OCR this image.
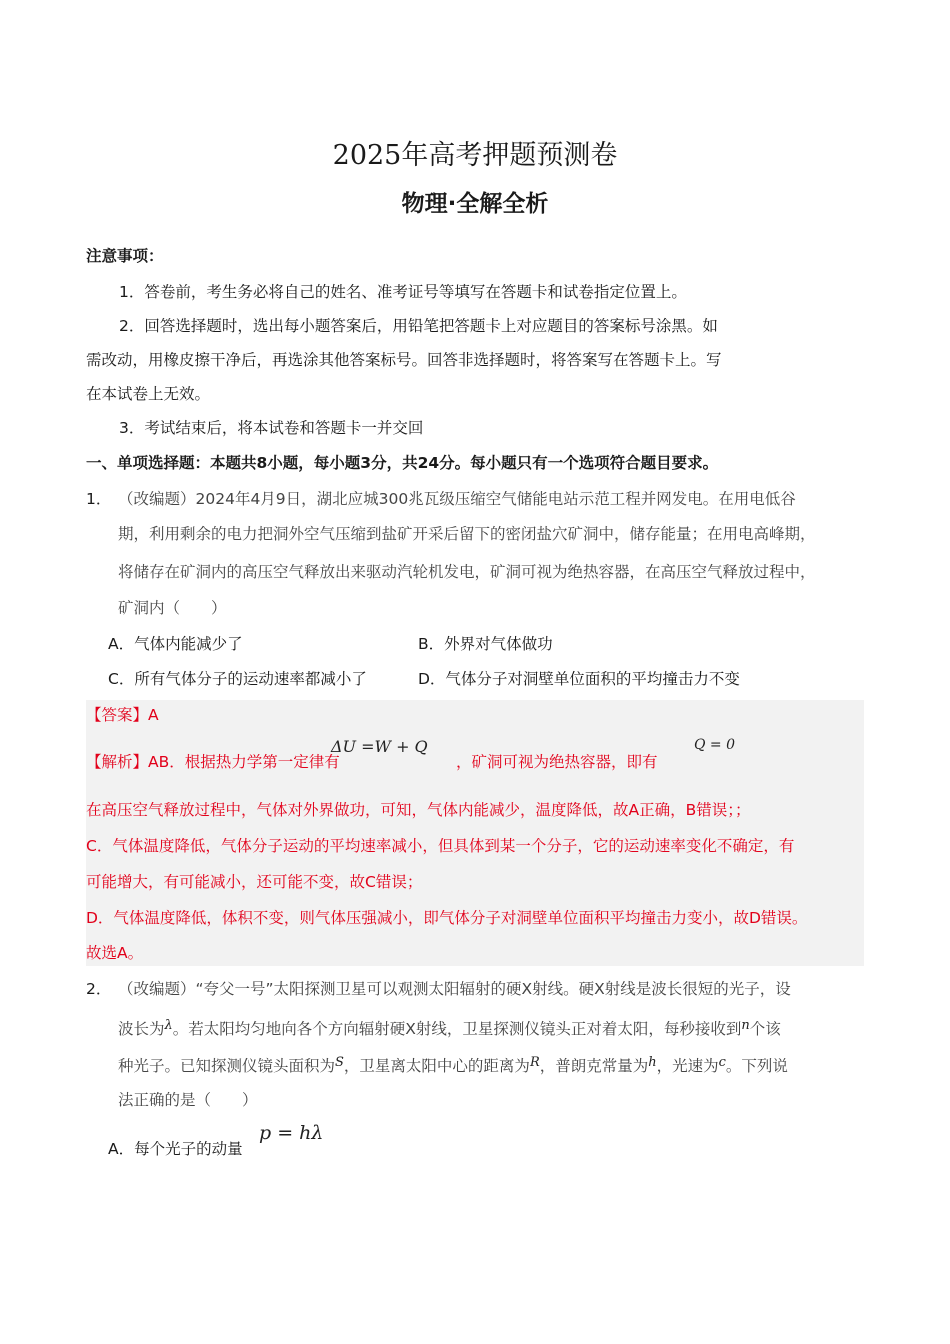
2025年高考押题预测卷
物理·全解全析
注意事项：
1．答卷前，考生务必将自己的姓名、准考证号等填写在答题卡和试卷指定位置上。
2．回答选择题时，选出每小题答案后，用铅笔把答题卡上对应题目的答案标号涂黑。如
需改动，用橡皮擦干净后，再选涂其他答案标号。回答非选择题时，将答案写在答题卡上。写
在本试卷上无效。
3．考试结束后，将本试卷和答题卡一并交回
一、单项选择题：本题共8小题，每小题3分，共24分。每小题只有一个选项符合题目要求。
1． （改编题）2024年4月9日，湖北应城300兆瓦级压缩空气储能电站示范工程并网发电。在用电低谷
期，利用剩余的电力把洞外空气压缩到盐矿开采后留下的密闭盐穴矿洞中，储存能量；在用电高峰期，
将储存在矿洞内的高压空气释放出来驱动汽轮机发电，矿洞可视为绝热容器，在高压空气释放过程中，
矿洞内（　　）
A．气体内能减少了	B．外界对气体做功
C．所有气体分子的运动速率都减小了	D．气体分子对洞壁单位面积的平均撞击力不变
【答案】A
【解析】AB．根据热力学第一定律有
ΔU =W + Q
，矿洞可视为绝热容器，即有
Q = 0
在高压空气释放过程中，气体对外界做功，可知，气体内能减少，温度降低，故A正确，B错误；；
C．气体温度降低，气体分子运动的平均速率减小，但具体到某一个分子，它的运动速率变化不确定，有
可能增大，有可能减小，还可能不变，故C错误；
D．气体温度降低，体积不变，则气体压强减小，即气体分子对洞壁单位面积平均撞击力变小，故D错误。
故选A。
2． （改编题）“夸父一号”太阳探测卫星可以观测太阳辐射的硬X射线。硬X射线是波长很短的光子，设
波长为$^\lambda$。若太阳均匀地向各个方向辐射硬X射线，卫星探测仪镜头正对着太阳，每秒接收到$^n$个该
种光子。已知探测仪镜头面积为$^S$，卫星离太阳中心的距离为$^R$，普朗克常量为$^h$，光速为$^c$。下列说
法正确的是（　　）
A．每个光子的动量
p = hλ
